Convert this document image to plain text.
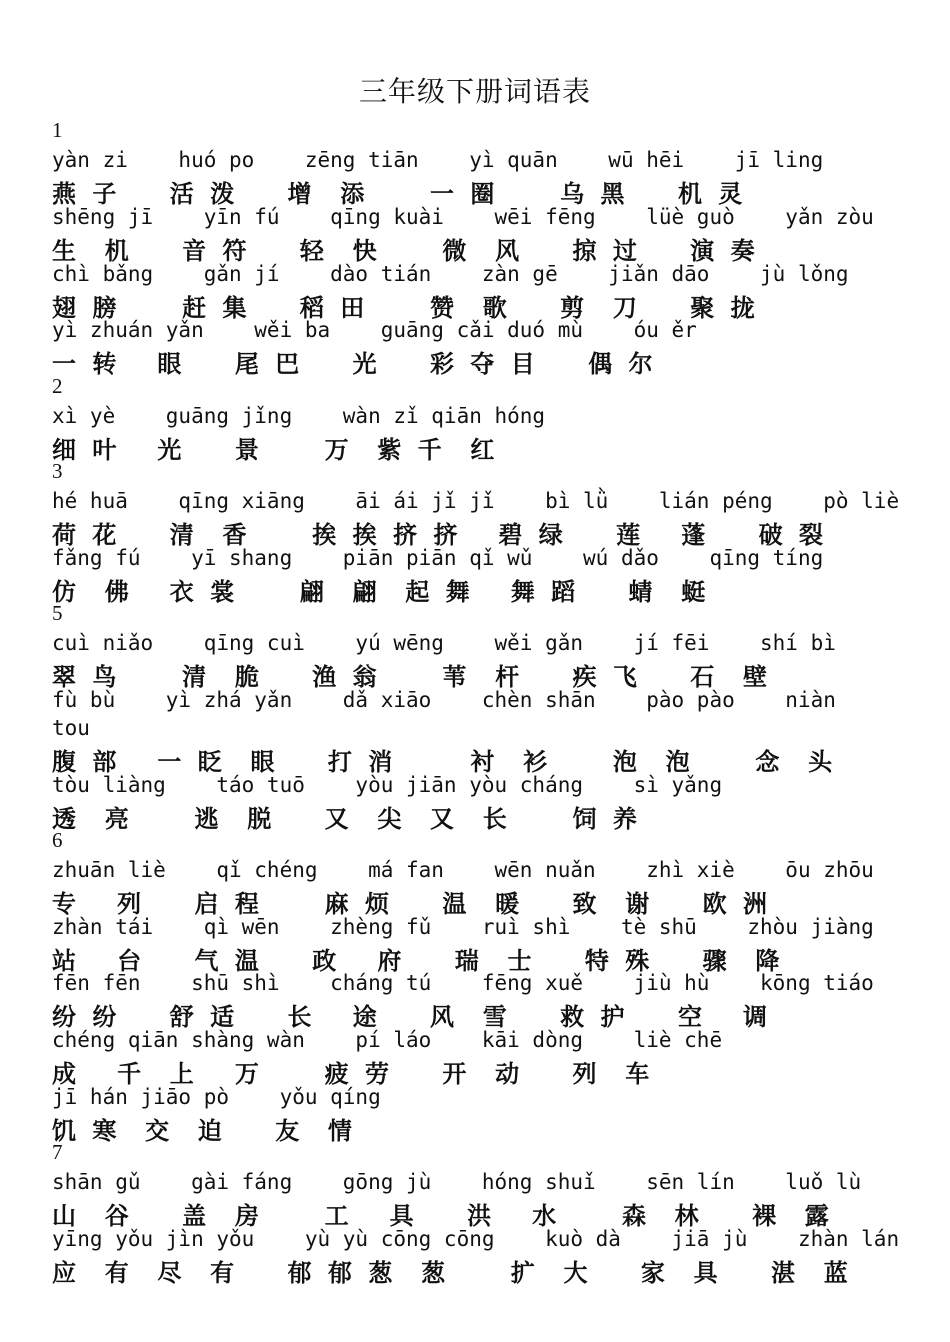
三年级下册词语表
1
yàn zi    huó po    zēng tiān    yì quān    wū hēi    jī ling
燕 子    活 泼    增  添     一 圈     乌 黑    机 灵
shēng jī    yīn fú    qīng kuài    wēi fēng    lüè guò    yǎn zòu
生  机    音 符    轻  快     微  风    掠 过    演 奏
chì bǎng    gǎn jí    dào tián    zàn gē    jiǎn dāo    jù lǒng
翅 膀     赶 集    稻 田     赞  歌    剪  刀    聚 拢
yì zhuán yǎn    wěi ba    guāng cǎi duó mù    óu ěr
一 转   眼    尾 巴    光    彩 夺 目    偶 尔
2
xì yè    guāng jǐng    wàn zǐ qiān hóng
细 叶   光    景     万  紫 千  红
3
hé huā    qīng xiāng    āi ái jǐ jǐ    bì lǜ    lián péng    pò liè
荷 花    清  香     挨 挨 挤 挤   碧 绿    莲   蓬    破 裂
fǎng fú    yī shang    piān piān qǐ wǔ    wú dǎo    qīng tíng
仿  佛   衣 裳     翩  翩  起 舞   舞 蹈    蜻  蜓
5
cuì niǎo    qīng cuì    yú wēng    wěi gǎn    jí fēi    shí bì
翠 鸟     清  脆    渔 翁     苇  杆    疾 飞    石  壁
fù bù    yì zhá yǎn    dǎ xiāo    chèn shān    pào pào    niàn
tou
腹 部   一 眨  眼    打 消      衬  衫     泡  泡     念  头
tòu liàng    táo tuō    yòu jiān yòu cháng    sì yǎng
透  亮     逃  脱    又  尖  又  长     饲 养
6
zhuān liè    qǐ chéng    má fan    wēn nuǎn    zhì xiè    ōu zhōu
专   列    启 程     麻 烦    温  暖    致  谢    欧 洲
zhàn tái    qì wēn    zhèng fǔ    ruì shì    tè shū    zhòu jiàng
站   台    气 温    政   府    瑞  士    特 殊    骤  降
fēn fēn    shū shì    cháng tú    fēng xuě    jiù hù    kōng tiáo
纷 纷    舒 适    长   途    风  雪    救 护    空   调
chéng qiān shàng wàn    pí láo    kāi dòng    liè chē
成   千  上   万     疲 劳    开  动    列  车
jī hán jiāo pò    yǒu qíng
饥 寒  交  迫    友  情
7
shān gǔ    gài fáng    gōng jù    hóng shuǐ    sēn lín    luǒ lù
山  谷    盖  房     工   具    洪   水     森  林    裸  露
yīng yǒu jìn yǒu    yù yù cōng cōng    kuò dà    jiā jù    zhàn lán
应  有  尽  有    郁 郁 葱  葱     扩  大    家  具    湛  蓝
